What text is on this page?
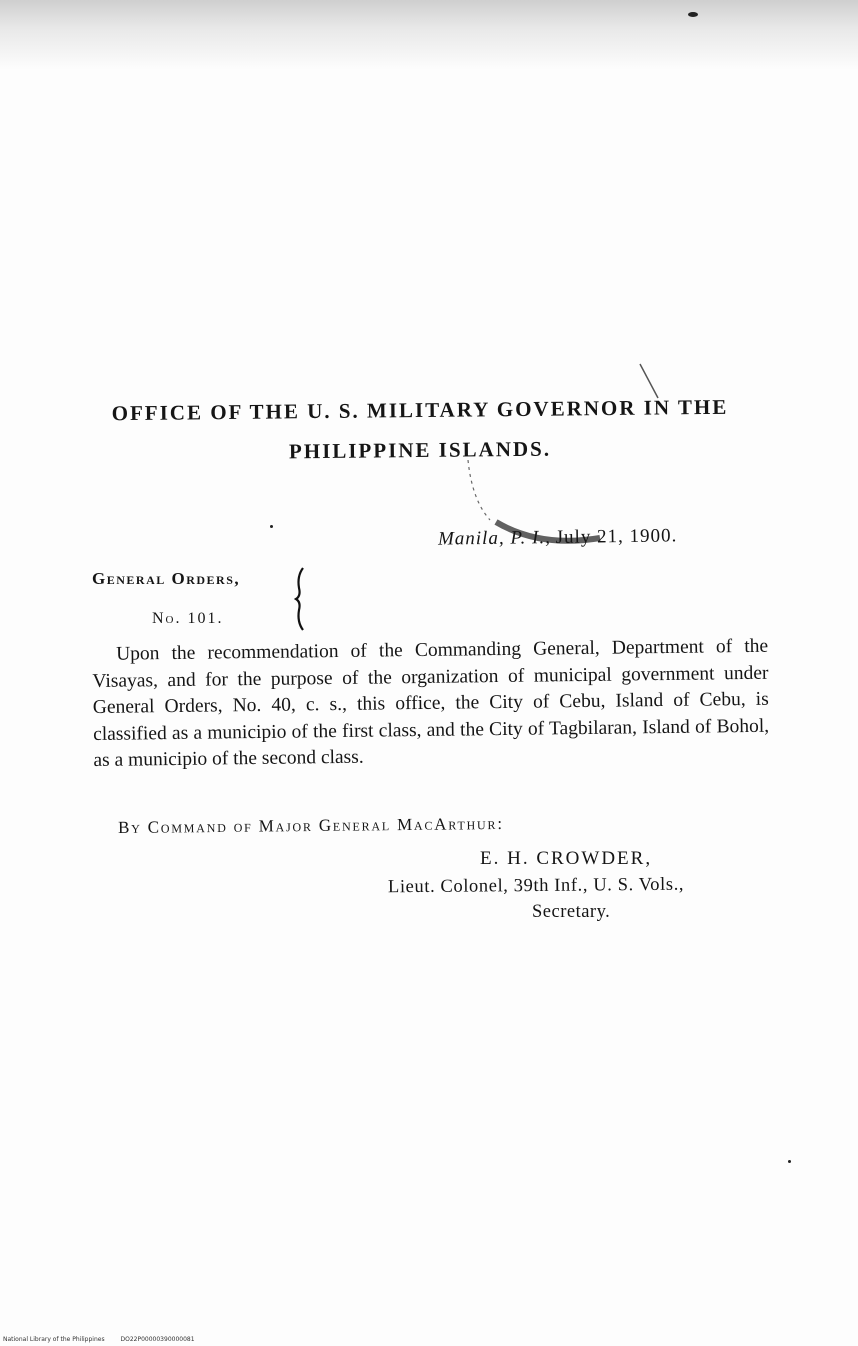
OFFICE OF THE U. S. MILITARY GOVERNOR IN THE
PHILIPPINE ISLANDS.
Manila, P. I., July 21, 1900.
General Orders,
No. 101.
Upon the recommendation of the Commanding General, Department of the Visayas, and for the purpose of the organization of municipal government under General Orders, No. 40, c. s., this office, the City of Cebu, Island of Cebu, is classified as a municipio of the first class, and the City of Tagbilaran, Island of Bohol, as a municipio of the second class.
By Command of Major General MacArthur:
E. H. CROWDER,
Lieut. Colonel, 39th Inf., U. S. Vols.,
Secretary.
National Library of the Philippines	DO22P00000390000081
